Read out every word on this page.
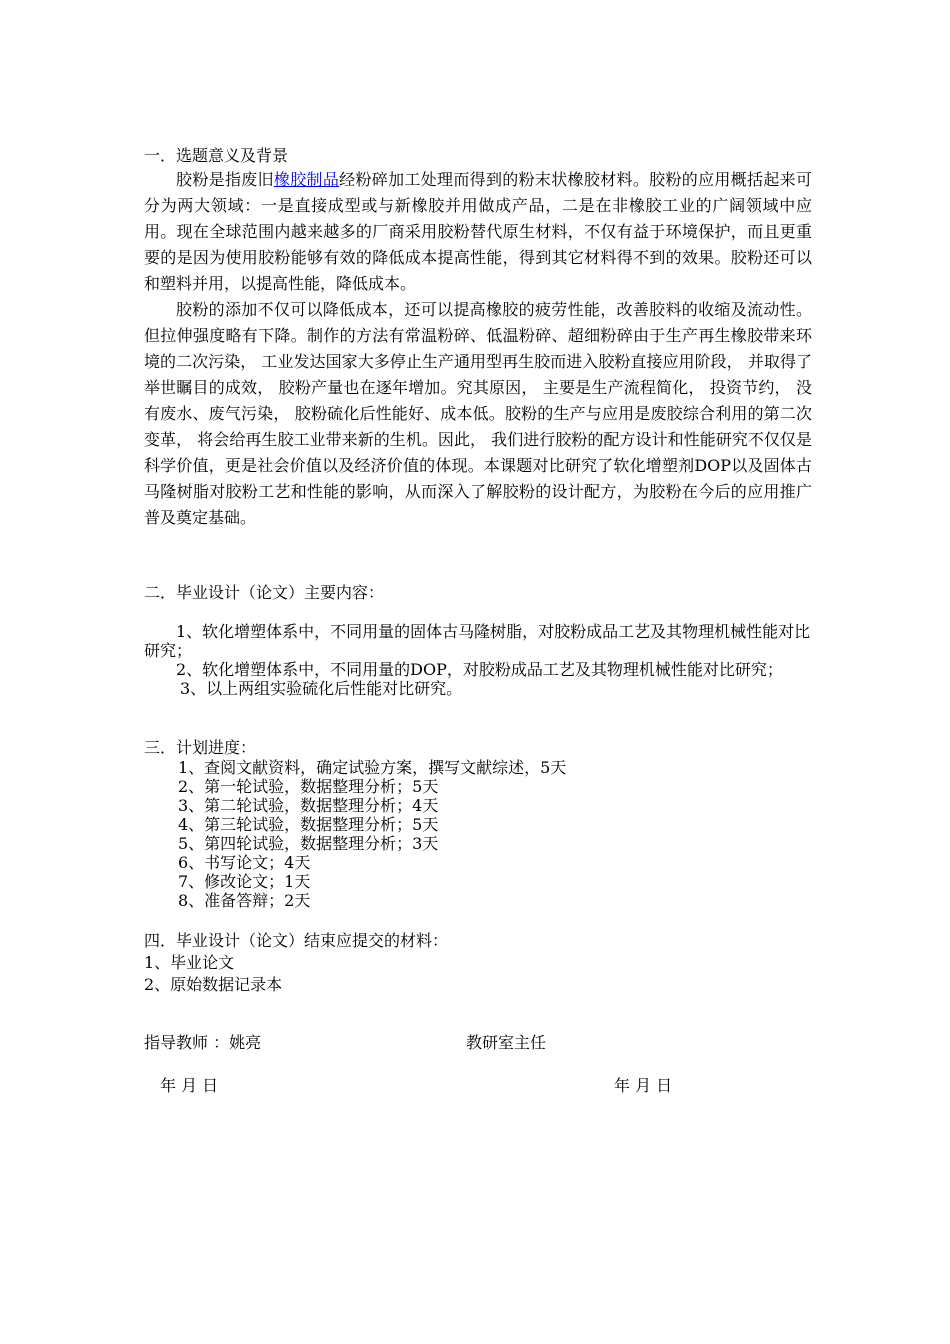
一．选题意义及背景

胶粉是指废旧橡胶制品经粉碎加工处理而得到的粉末状橡胶材料。胶粉的应用概括起来可分为两大领域：一是直接成型或与新橡胶并用做成产品，二是在非橡胶工业的广阔领域中应用。现在全球范围内越来越多的厂商采用胶粉替代原生材料，不仅有益于环境保护，而且更重要的是因为使用胶粉能够有效的降低成本提高性能，得到其它材料得不到的效果。胶粉还可以和塑料并用，以提高性能，降低成本。

胶粉的添加不仅可以降低成本，还可以提高橡胶的疲劳性能，改善胶料的收缩及流动性。但拉伸强度略有下降。制作的方法有常温粉碎、低温粉碎、超细粉碎由于生产再生橡胶带来环境的二次污染， 工业发达国家大多停止生产通用型再生胶而进入胶粉直接应用阶段， 并取得了举世瞩目的成效， 胶粉产量也在逐年增加。究其原因， 主要是生产流程简化， 投资节约， 没有废水、废气污染， 胶粉硫化后性能好、成本低。胶粉的生产与应用是废胶综合利用的第二次变革， 将会给再生胶工业带来新的生机。因此， 我们进行胶粉的配方设计和性能研究不仅仅是科学价值，更是社会价值以及经济价值的体现。本课题对比研究了软化增塑剂DOP以及固体古马隆树脂对胶粉工艺和性能的影响，从而深入了解胶粉的设计配方，为胶粉在今后的应用推广普及奠定基础。

二．毕业设计（论文）主要内容：
1、软化增塑体系中，不同用量的固体古马隆树脂，对胶粉成品工艺及其物理机械性能对比研究；
2、软化增塑体系中，不同用量的DOP，对胶粉成品工艺及其物理机械性能对比研究；
3、以上两组实验硫化后性能对比研究。
三．计划进度：
1、查阅文献资料，确定试验方案，撰写文献综述，5天
2、第一轮试验，数据整理分析；5天
3、第二轮试验，数据整理分析；4天
4、第三轮试验，数据整理分析；5天
5、第四轮试验，数据整理分析；3天
6、书写论文；4天
7、修改论文；1天
8、准备答辩；2天
四．毕业设计（论文）结束应提交的材料：
1、毕业论文
2、原始数据记录本
指导教师 ：姚亮	教研室主任
年 月 日	年 月 日
